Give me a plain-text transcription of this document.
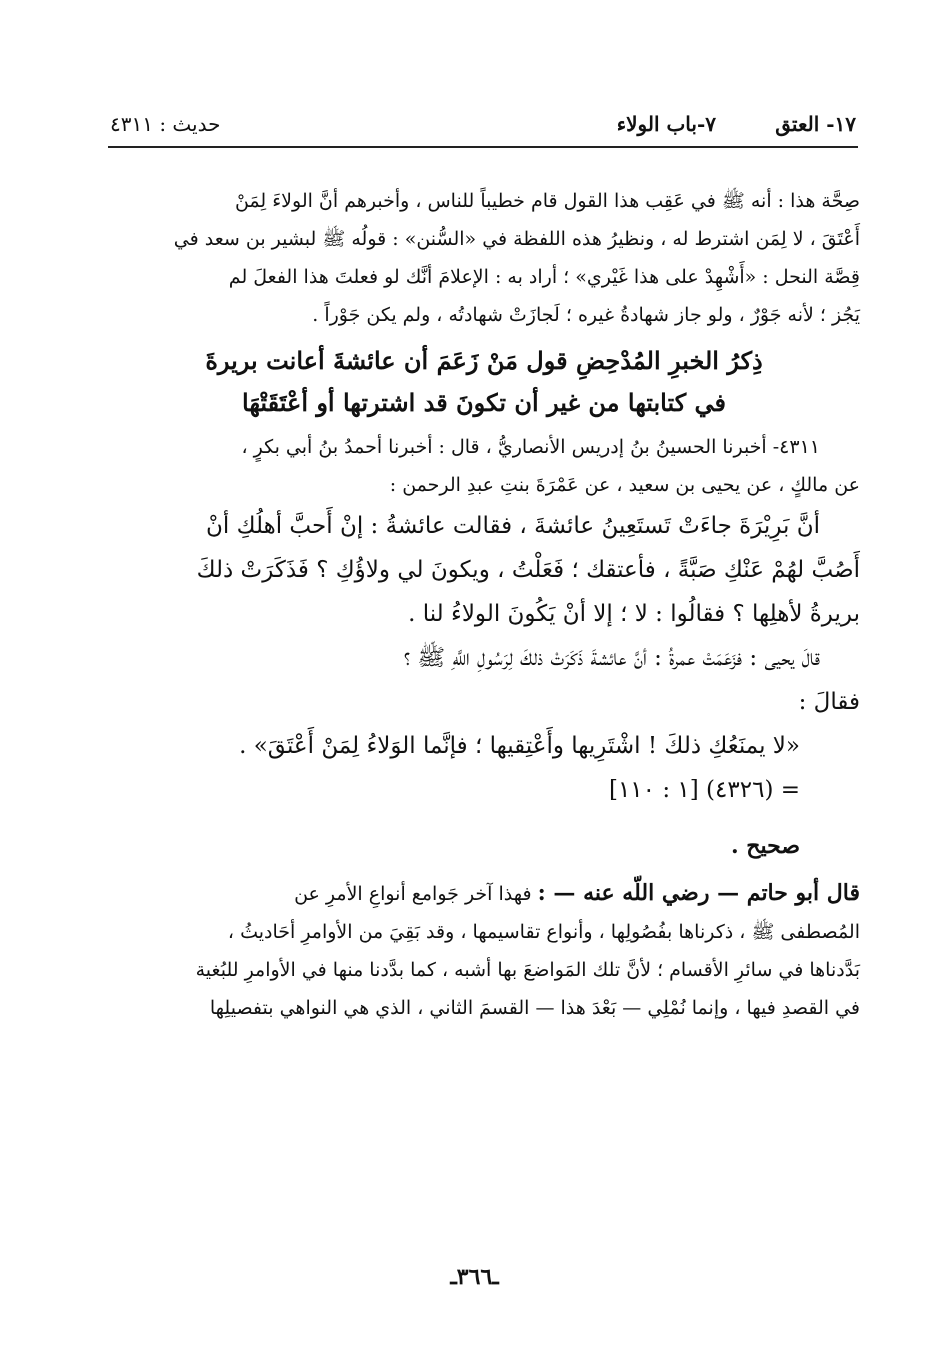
١٧- العتق
٧-باب الولاء
حديث : ٤٣١١

صِحَّة هذا : أنه ﷺ في عَقِب هذا القول قام خطيباً للناس ، وأخبرهم أنَّ الولاءَ لِمَنْ

أَعْتَقَ ، لا لِمَن اشترط له ، ونظيرُ هذه اللفظة في «السُّنن» : قولُه ﷺ لبشير بن سعد في

قِصَّة النحل : «أَشْهِدْ على هذا غَيْري» ؛ أراد به : الإعلامَ أنَّك لو فعلتَ هذا الفعلَ لم

يَجُز ؛ لأنه جَوْرٌ ، ولو جاز شهادةُ غيره ؛ لَجازَتْ شهادتُه ، ولم يكن جَوْراً .

ذِكرُ الخبرِ المُدْحِضِ قول مَنْ زَعَمَ أن عائشةَ أعانت بريرةَ
في كتابتها من غير أن تكونَ قد اشترتها أو أعْتَقَتْهَا

٤٣١١- أخبرنا الحسينُ بنُ إدريس الأنصاريُّ ، قال : أخبرنا أحمدُ بنُ أبي بكرٍ ،

عن مالكٍ ، عن يحيى بن سعيد ، عن عَمْرَةَ بنتِ عبدِ الرحمن :

أنَّ بَرِيْرَةَ جاءَتْ تَستَعِينُ عائشةَ ، فقالت عائشةُ : إنْ أَحبَّ أهلُكِ أنْ

أَصُبَّ لهُمْ عَنْكِ صَبَّةً ، فأعتقك ؛ فَعَلْتُ ، ويكونَ لي ولاؤُكِ ؟ فَذَكَرَتْ ذلكَ

بريرةُ لأهلِها ؟ فقالُوا : لا ؛ إلا أنْ يَكُونَ الولاءُ لنا .

قالَ يحيى : فزَعَمَتْ عمرةُ : أنَّ عائشةَ ذَكَرَتْ ذلكَ لِرَسُولِ اللَّهِ ﷺ ؟

فقالَ :

«لا يمنَعُكِ ذلكَ ! اشْتَرِيها وأَعْتِقيها ؛ فإنَّما الوَلاءُ لِمَنْ أَعْتَقَ» .

= (٤٣٢٦) [١ : ١١٠]

صحيح .

قال أبو حاتم — رضي اللّه عنه — : فهذا آخر جَوامع أنواعِ الأمرِ عن

المُصطفى ﷺ ، ذكرناها بفُصُولِها ، وأنواع تقاسيمها ، وقد بَقِيَ من الأوامرِ أحَاديثُ ،

بَدَّدناها في سائرِ الأقسام ؛ لأنَّ تلك المَواضعَ بها أشبه ، كما بدَّدنا منها في الأوامرِ للبُغية

في القصدِ فيها ، وإنما نُمْلِي — بَعْدَ هذا — القسمَ الثاني ، الذي هي النواهي بتفصيلِها

ـ٣٦٦ـ
